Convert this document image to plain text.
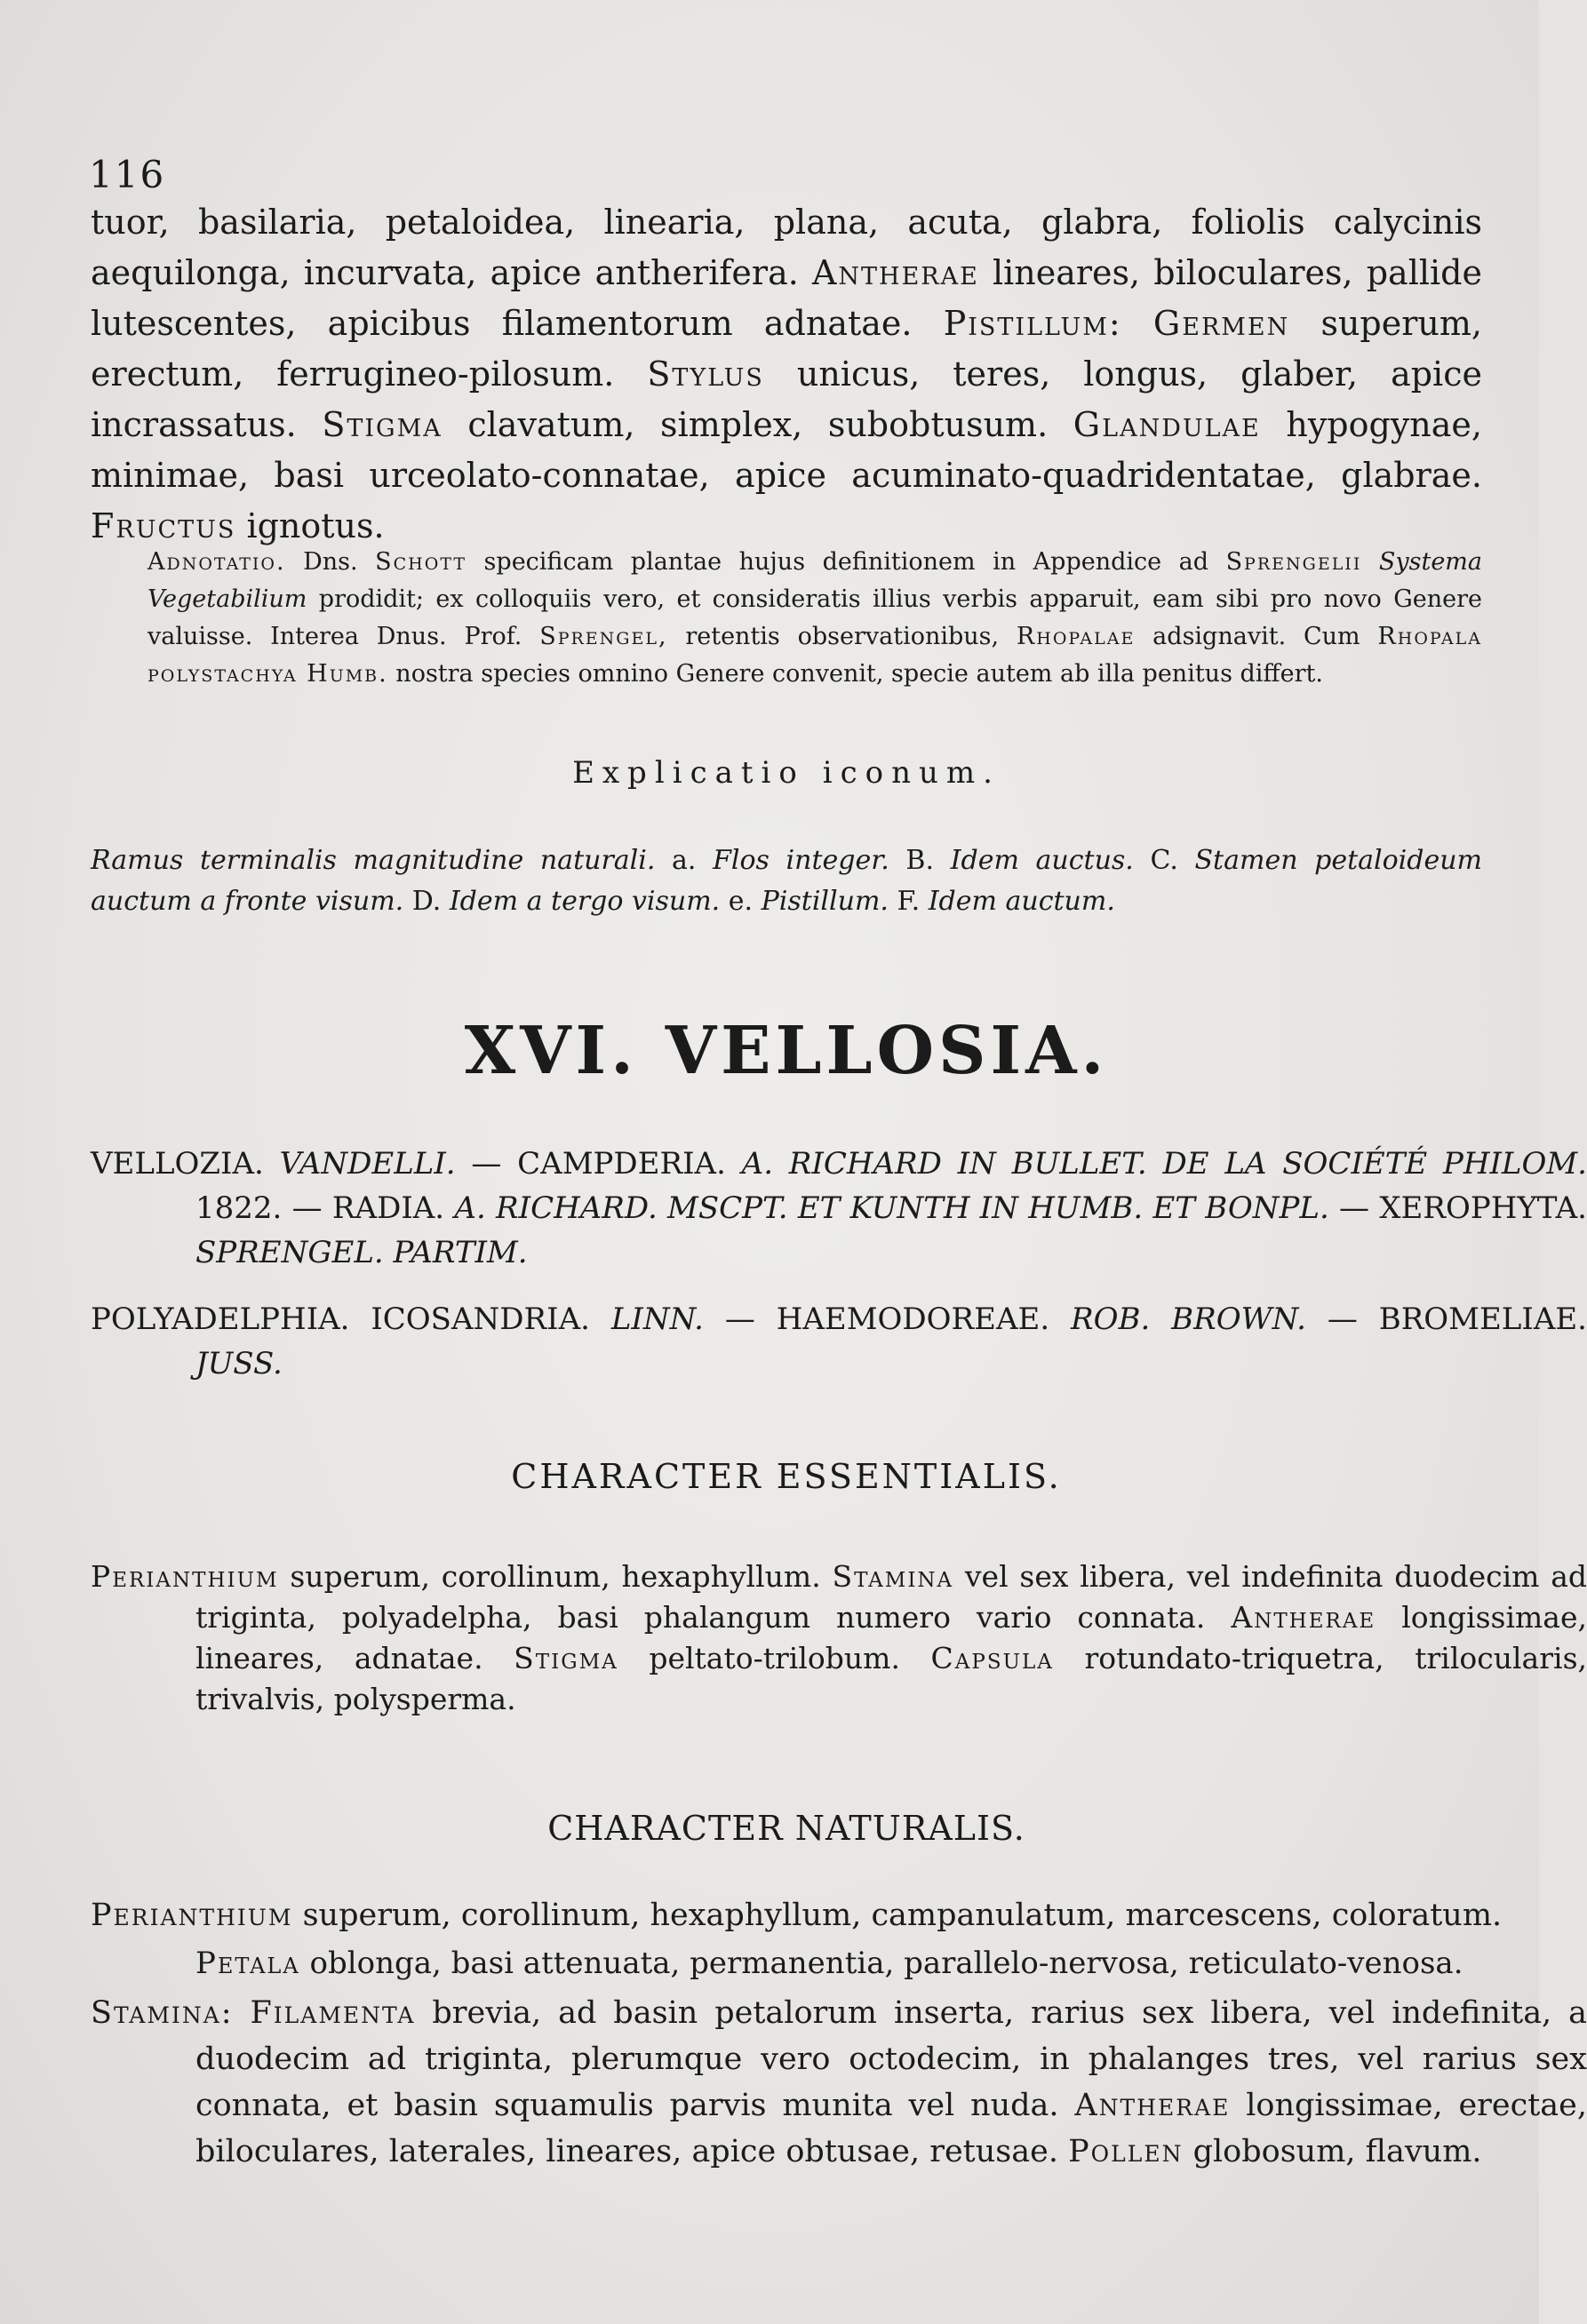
116

tuor, basilaria, petaloidea, linearia, plana, acuta, glabra, foliolis calycinis aequilonga, incurvata, apice antherifera. Antherae lineares, biloculares, pallide lutescentes, apicibus filamentorum adnatae. Pistillum: Germen superum, erectum, ferrugineo-pilosum. Stylus unicus, teres, longus, glaber, apice incrassatus. Stigma clavatum, simplex, subobtusum. Glandulae hypogynae, minimae, basi urceolato-connatae, apice acuminato-quadridentatae, glabrae. Fructus ignotus.

Adnotatio. Dns. Schott specificam plantae hujus definitionem in Appendice ad Sprengelii Systema Vegetabilium prodidit; ex colloquiis vero, et consideratis illius verbis apparuit, eam sibi pro novo Genere valuisse. Interea Dnus. Prof. Sprengel, retentis observationibus, Rhopalae adsignavit. Cum Rhopala polystachya Humb. nostra species omnino Genere convenit, specie autem ab illa penitus differt.

Explicatio iconum.

Ramus terminalis magnitudine naturali. a. Flos integer. B. Idem auctus. C. Stamen petaloideum auctum a fronte visum. D. Idem a tergo visum. e. Pistillum. F. Idem auctum.

XVI. VELLOSIA.

VELLOZIA. VANDELLI. — CAMPDERIA. A. RICHARD IN BULLET. DE LA SOCIÉTÉ PHILOM. 1822. — RADIA. A. RICHARD. MSCPT. ET KUNTH IN HUMB. ET BONPL. — XEROPHYTA. SPRENGEL. PARTIM.

POLYADELPHIA. ICOSANDRIA. LINN. — HAEMODOREAE. ROB. BROWN. — BROMELIAE. JUSS.

CHARACTER ESSENTIALIS.

Perianthium superum, corollinum, hexaphyllum. Stamina vel sex libera, vel indefinita duodecim ad triginta, polyadelpha, basi phalangum numero vario connata. Antherae longissimae, lineares, adnatae. Stigma peltato-trilobum. Capsula rotundato-triquetra, trilocularis, trivalvis, polysperma.

CHARACTER NATURALIS.

Perianthium superum, corollinum, hexaphyllum, campanulatum, marcescens, coloratum.

Petala oblonga, basi attenuata, permanentia, parallelo-nervosa, reticulato-venosa.

Stamina: Filamenta brevia, ad basin petalorum inserta, rarius sex libera, vel indefinita, a duodecim ad triginta, plerumque vero octodecim, in phalanges tres, vel rarius sex connata, et basin squamulis parvis munita vel nuda. Antherae longissimae, erectae, biloculares, laterales, lineares, apice obtusae, retusae. Pollen globosum, flavum.
